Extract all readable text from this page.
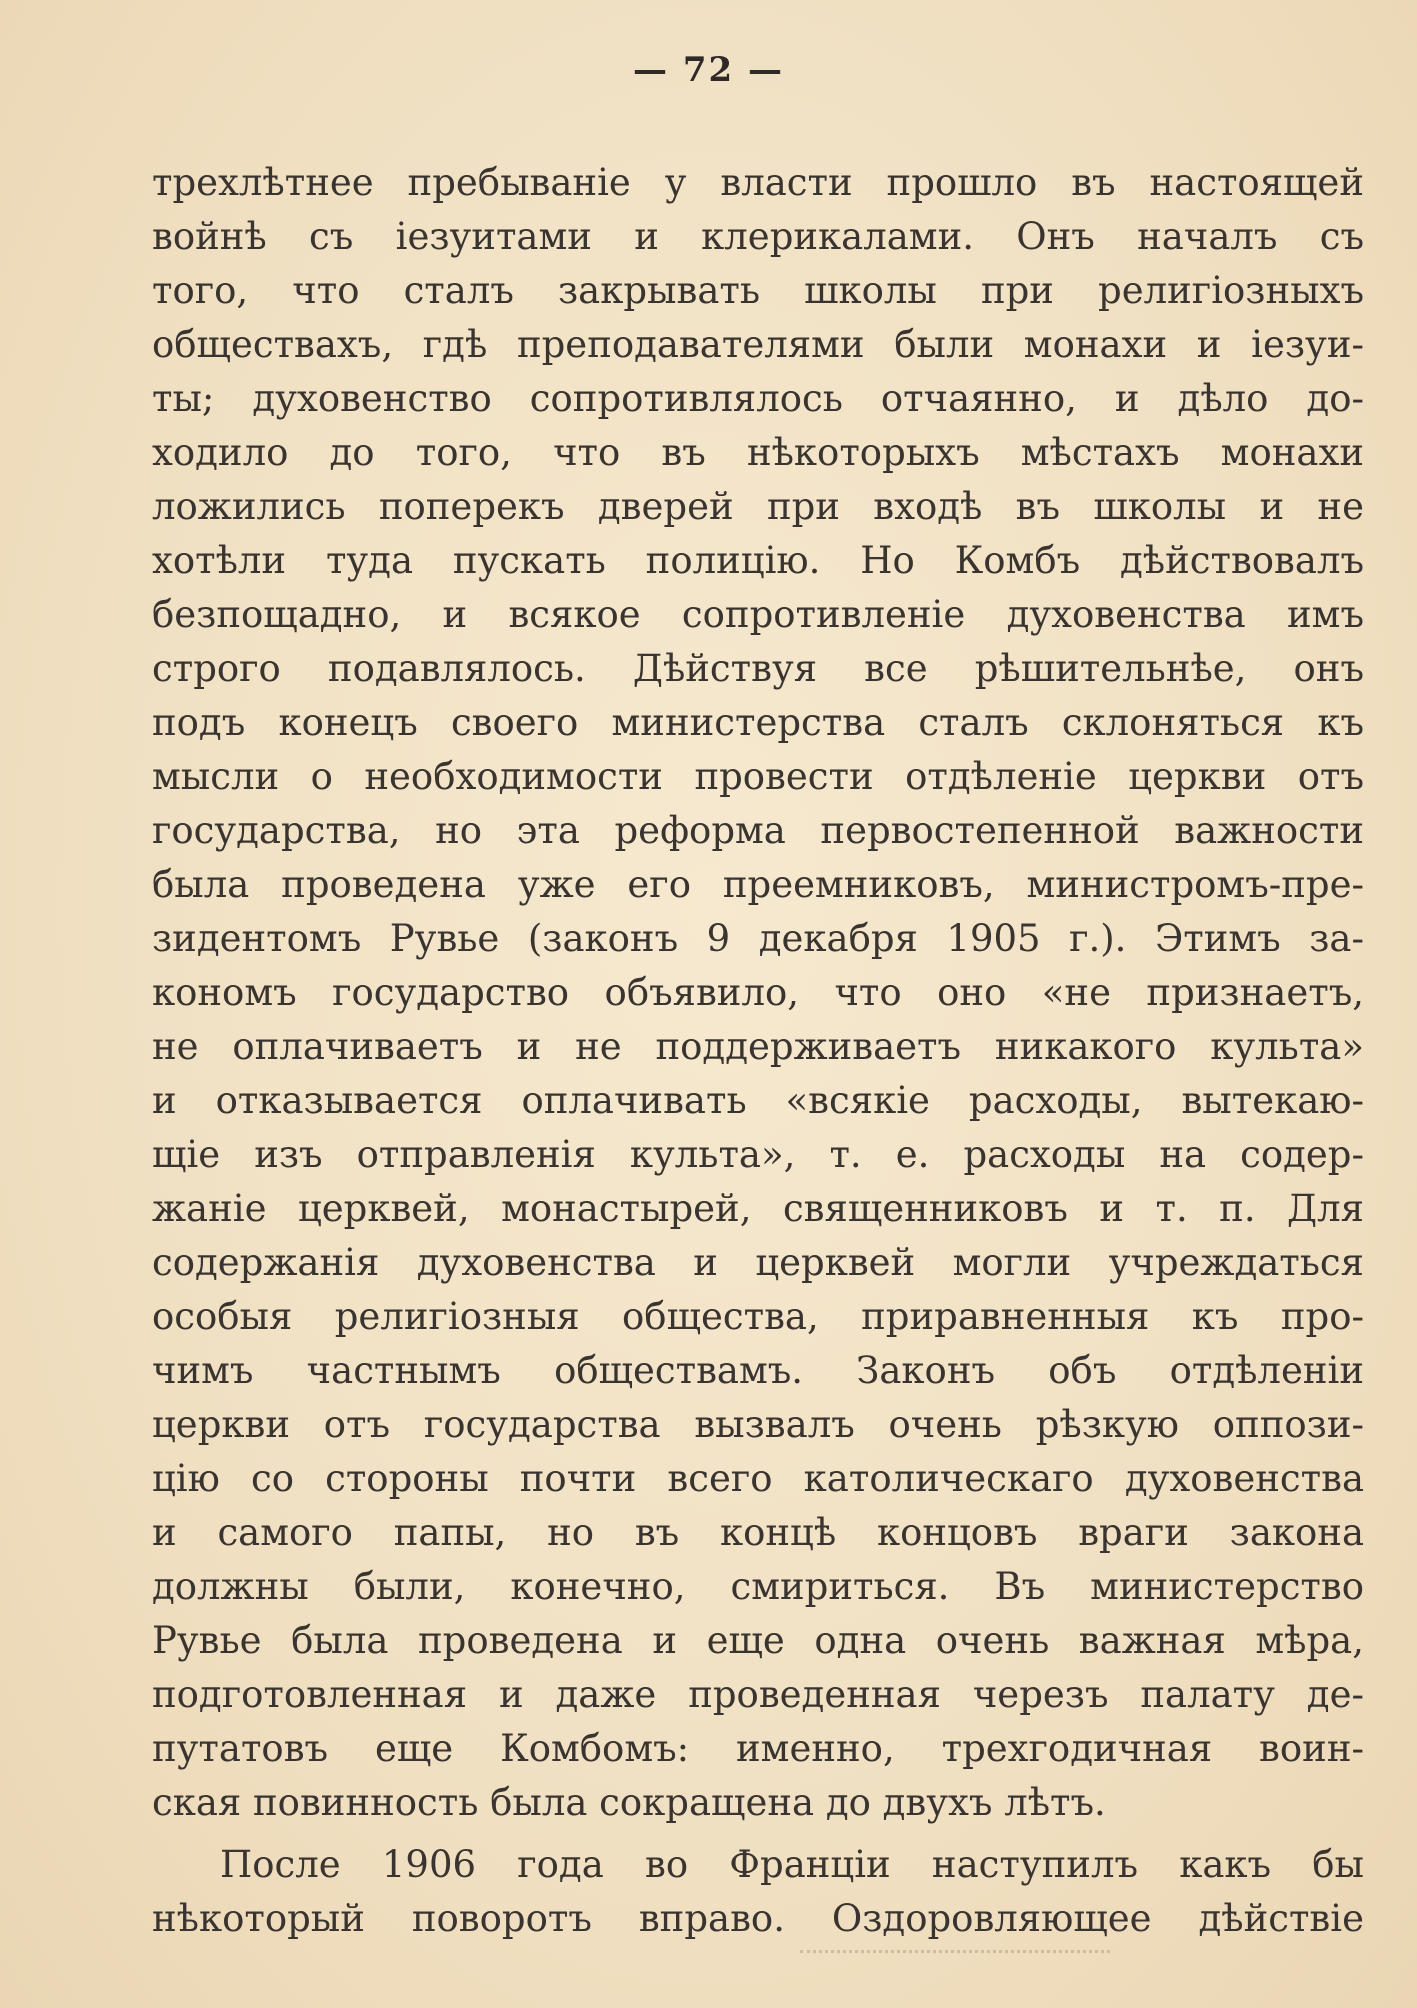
— 72 —
трехлѣтнее пребываніе у власти прошло въ настоящей
войнѣ съ іезуитами и клерикалами. Онъ началъ съ
того, что сталъ закрывать школы при религіозныхъ
обществахъ, гдѣ преподавателями были монахи и іезуи-
ты; духовенство сопротивлялось отчаянно, и дѣло до-
ходило до того, что въ нѣкоторыхъ мѣстахъ монахи
ложились поперекъ дверей при входѣ въ школы и не
хотѣли туда пускать полицію. Но Комбъ дѣйствовалъ
безпощадно, и всякое сопротивленіе духовенства имъ
строго подавлялось. Дѣйствуя все рѣшительнѣе, онъ
подъ конецъ своего министерства сталъ склоняться къ
мысли о необходимости провести отдѣленіе церкви отъ
государства, но эта реформа первостепенной важности
была проведена уже его преемниковъ, министромъ-пре-
зидентомъ Рувье (законъ 9 декабря 1905 г.). Этимъ за-
кономъ государство объявило, что оно «не признаетъ,
не оплачиваетъ и не поддерживаетъ никакого культа»
и отказывается оплачивать «всякіе расходы, вытекаю-
щіе изъ отправленія культа», т. е. расходы на содер-
жаніе церквей, монастырей, священниковъ и т. п. Для
содержанія духовенства и церквей могли учреждаться
особыя религіозныя общества, приравненныя къ про-
чимъ частнымъ обществамъ. Законъ объ отдѣленіи
церкви отъ государства вызвалъ очень рѣзкую оппози-
цію со стороны почти всего католическаго духовенства
и самого папы, но въ концѣ концовъ враги закона
должны были, конечно, смириться. Въ министерство
Рувье была проведена и еще одна очень важная мѣра,
подготовленная и даже проведенная черезъ палату де-
путатовъ еще Комбомъ: именно, трехгодичная воин-
ская повинность была сокращена до двухъ лѣтъ.
После 1906 года во Франціи наступилъ какъ бы
нѣкоторый поворотъ вправо. Оздоровляющее дѣйствіе
